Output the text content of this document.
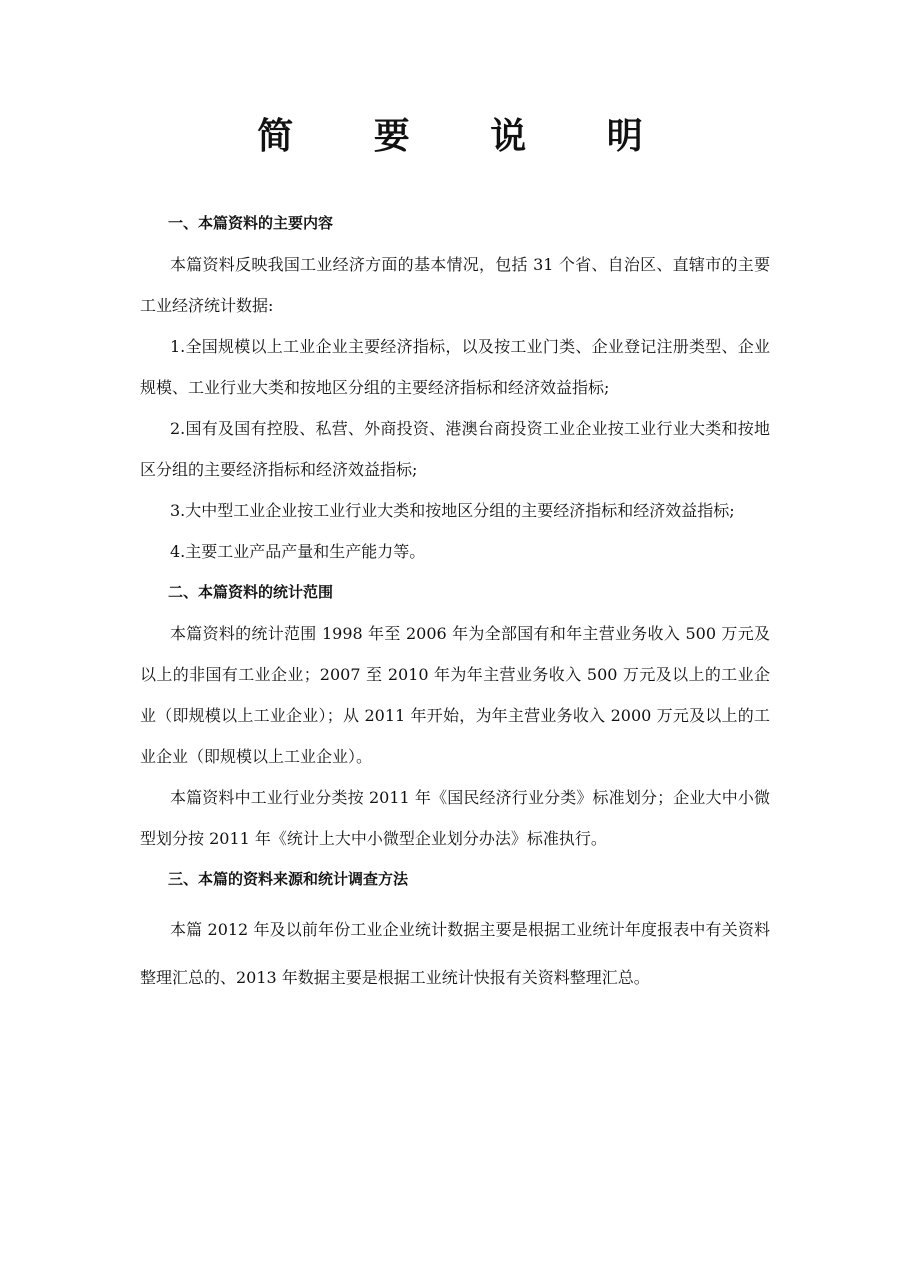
简 要 说 明

一、本篇资料的主要内容

本篇资料反映我国工业经济方面的基本情况，包括 31 个省、自治区、直辖市的主要工业经济统计数据:

1.全国规模以上工业企业主要经济指标，以及按工业门类、企业登记注册类型、企业规模、工业行业大类和按地区分组的主要经济指标和经济效益指标;

2.国有及国有控股、私营、外商投资、港澳台商投资工业企业按工业行业大类和按地区分组的主要经济指标和经济效益指标;

3.大中型工业企业按工业行业大类和按地区分组的主要经济指标和经济效益指标;

4.主要工业产品产量和生产能力等。

二、本篇资料的统计范围

本篇资料的统计范围 1998 年至 2006 年为全部国有和年主营业务收入 500 万元及以上的非国有工业企业；2007 至 2010 年为年主营业务收入 500 万元及以上的工业企业（即规模以上工业企业）；从 2011 年开始，为年主营业务收入 2000 万元及以上的工业企业（即规模以上工业企业）。

本篇资料中工业行业分类按 2011 年《国民经济行业分类》标准划分；企业大中小微型划分按 2011 年《统计上大中小微型企业划分办法》标准执行。

三、本篇的资料来源和统计调查方法

本篇 2012 年及以前年份工业企业统计数据主要是根据工业统计年度报表中有关资料整理汇总的、2013 年数据主要是根据工业统计快报有关资料整理汇总。
